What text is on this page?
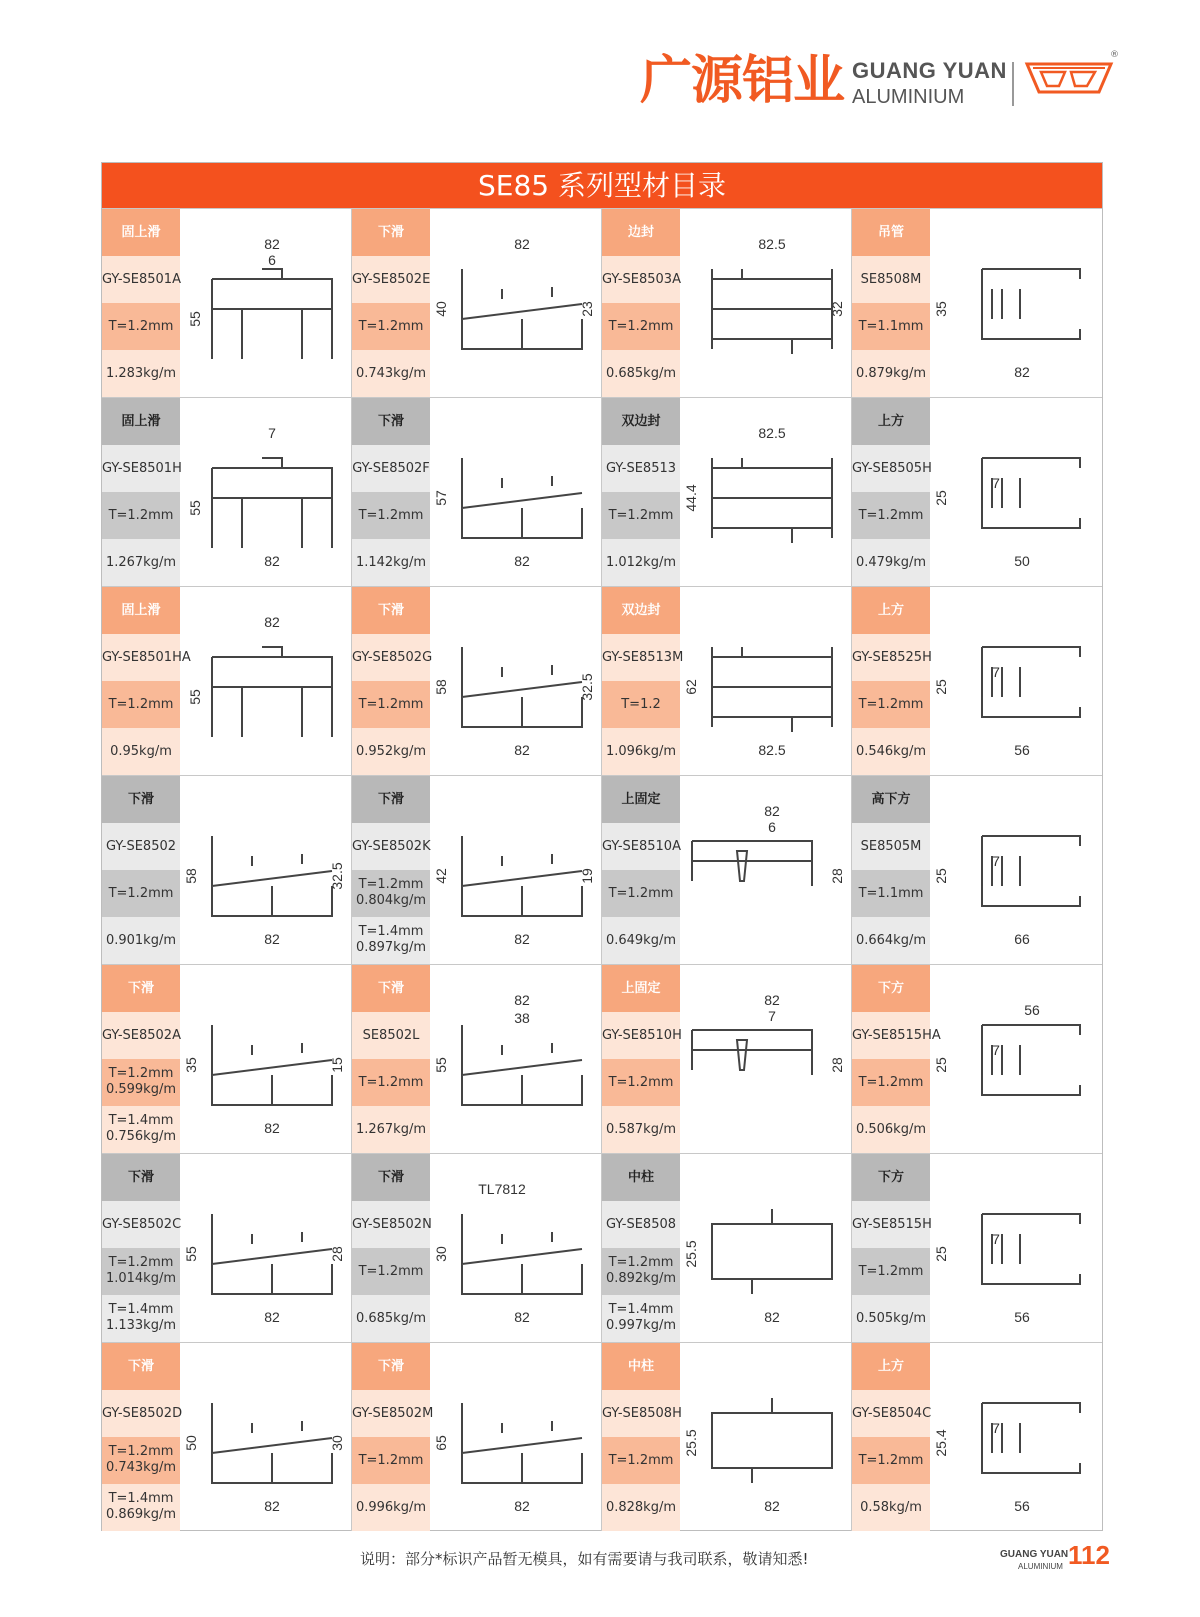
广源铝业 GUANG YUAN
ALUMINIUM
®
SE85 系列型材目录
固上滑
GY-SE8501A
T=1.2mm
1.283kg/m
82
55
6
下滑
GY-SE8502E
T=1.2mm
0.743kg/m
40	23
82
边封
GY-SE8503A
T=1.2mm
0.685kg/m
32
82.5
吊管
SE8508M
T=1.1mm
0.879kg/m
35
82
固上滑
GY-SE8501H
T=1.2mm
1.267kg/m	82
7
55
下滑
GY-SE8502F
T=1.2mm
1.142kg/m
57
82
双边封
GY-SE8513
T=1.2mm
1.012kg/m
44.4
82.5
上方
GY-SE8505H
T=1.2mm
0.479kg/m
25
50
7
固上滑
GY-SE8501HA
T=1.2mm
0.95kg/m
82
55
下滑
GY-SE8502G
T=1.2mm
0.952kg/m
58	32.5
82
双边封
GY-SE8513M
T=1.2
1.096kg/m
62
82.5
上方
GY-SE8525H
T=1.2mm
0.546kg/m
25
56
7
下滑
GY-SE8502
T=1.2mm
0.901kg/m
58	32.5
82
下滑
GY-SE8502K
T=1.2mm
0.804kg/m
T=1.4mm
0.897kg/m
42	19
82
上固定
GY-SE8510A
T=1.2mm
0.649kg/m
28
82
6
高下方
SE8505M
T=1.1mm
0.664kg/m
25
66
7
下滑
GY-SE8502A
T=1.2mm
0.599kg/m
T=1.4mm
0.756kg/m
35	15
82
下滑
SE8502L
T=1.2mm
1.267kg/m
55
82
38
上固定
GY-SE8510H
T=1.2mm
0.587kg/m
28
82
7
下方
GY-SE8515HA
T=1.2mm
0.506kg/m
56
25
7
下滑
GY-SE8502C
T=1.2mm
1.014kg/m
T=1.4mm
1.133kg/m
55	28
82
下滑
GY-SE8502N
T=1.2mm
0.685kg/m
30
82
TL7812
中柱
GY-SE8508
T=1.2mm
0.892kg/m
T=1.4mm
0.997kg/m
25.5
82
下方
GY-SE8515H
T=1.2mm
0.505kg/m
25
56
7
下滑
GY-SE8502D
T=1.2mm
0.743kg/m
T=1.4mm
0.869kg/m
50	30
82
下滑
GY-SE8502M
T=1.2mm
0.996kg/m
65
82
中柱
GY-SE8508H
T=1.2mm
0.828kg/m
25.5
82
上方
GY-SE8504C
T=1.2mm
0.58kg/m
25.4
56
7
说明：部分*标识产品暂无模具，如有需要请与我司联系，敬请知悉!	GUANG YUAN
ALUMINIUM 112
